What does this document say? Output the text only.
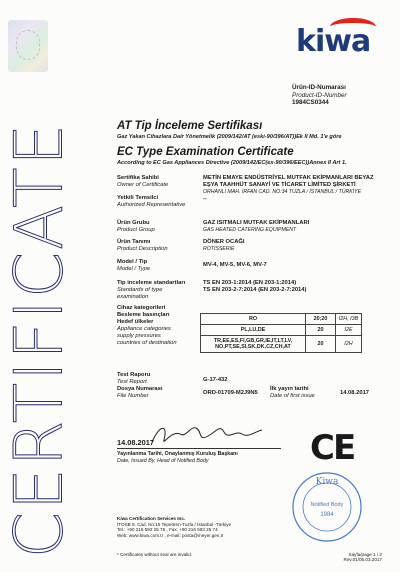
CERTIFICATE
kiwa
Ürün-ID-Numarası
Product-ID-Number
1984CS0344
AT Tip İnceleme Sertifikası
Gaz Yakan Cihazlara Dair Yönetmelik (2009/142/AT (eski-90/396/AT))Ek II Md. 1'e göre
EC Type Examination Certificate
According to EC Gas Appliances Directive (2009/142/EC(ex-90/396/EEC))Annex II Art 1.
Sertifika Sahibi
Owner of Certificate
METİN EMAYE ENDÜSTRİYEL MUTFAK EKİPMANLARI BEYAZ
EŞYA TAAHHÜT SANAYİ VE TİCARET LİMİTED ŞİRKETİ
ORHANLI MAH. İRFAN CAD. NO:34 TUZLA / İSTANBUL / TÜRKİYE
Yetkili Temsilci
Authorized Representative
--
Ürün Grubu
Product Group
GAZ ISITMALI MUTFAK EKİPMANLARI
GAS HEATED CATERING EQUIPMENT
Ürün Tanımı
Product Description
DÖNER OCAĞI
ROTISSERIE
Model / Tip
Model / Type
MV-4, MV-5, MV-6, MV-7
Tip inceleme standartları
Standards of type
examination
TS EN 203-1:2014 (EN 203-1:2014)
TS EN 203-2-7:2014 (EN 203-2-7:2014)
Cihaz kategorileri
Besleme basınçları
Hedef ülkeler
Appliance categories
supply pressures
countries of destination
RO	20;20	I2H, I3B
PL,LU,DE	20	I2E
TR,EE,ES,FI,GB,GR,IE,IT,LT,LV, NO,PT,SE,SI,SK,DK,CZ,CH,AT	20	I2H
Test Raporu
Test Report	G-17-432
Dosya Numarası
File Number	ORD-01709-M2J9N5
İlk yayın tarihi
Date of first issue	14.08.2017
14.08.2017
Yayınlanma Tarihi, Onaylanmış Kuruluş Başkanı
Date, Issued By, Head of Notified Body	CE
Kiwa
Notified Body
1984
Kiwa Certification Services Inc.
İTOSB 9. Cad. No:15 Tepeören-Tuzla / İstanbul -Türkiye
Tel.: +90 216 593 25 75 , Fax: +90 216 593 25 74
Web: www.kiwa.com.tr , e-mail: posta@meyer.gen.tr
* Certificates without seal are invalid.	Sayfa/page 1 / 2
Rev.01/05.03.2017
